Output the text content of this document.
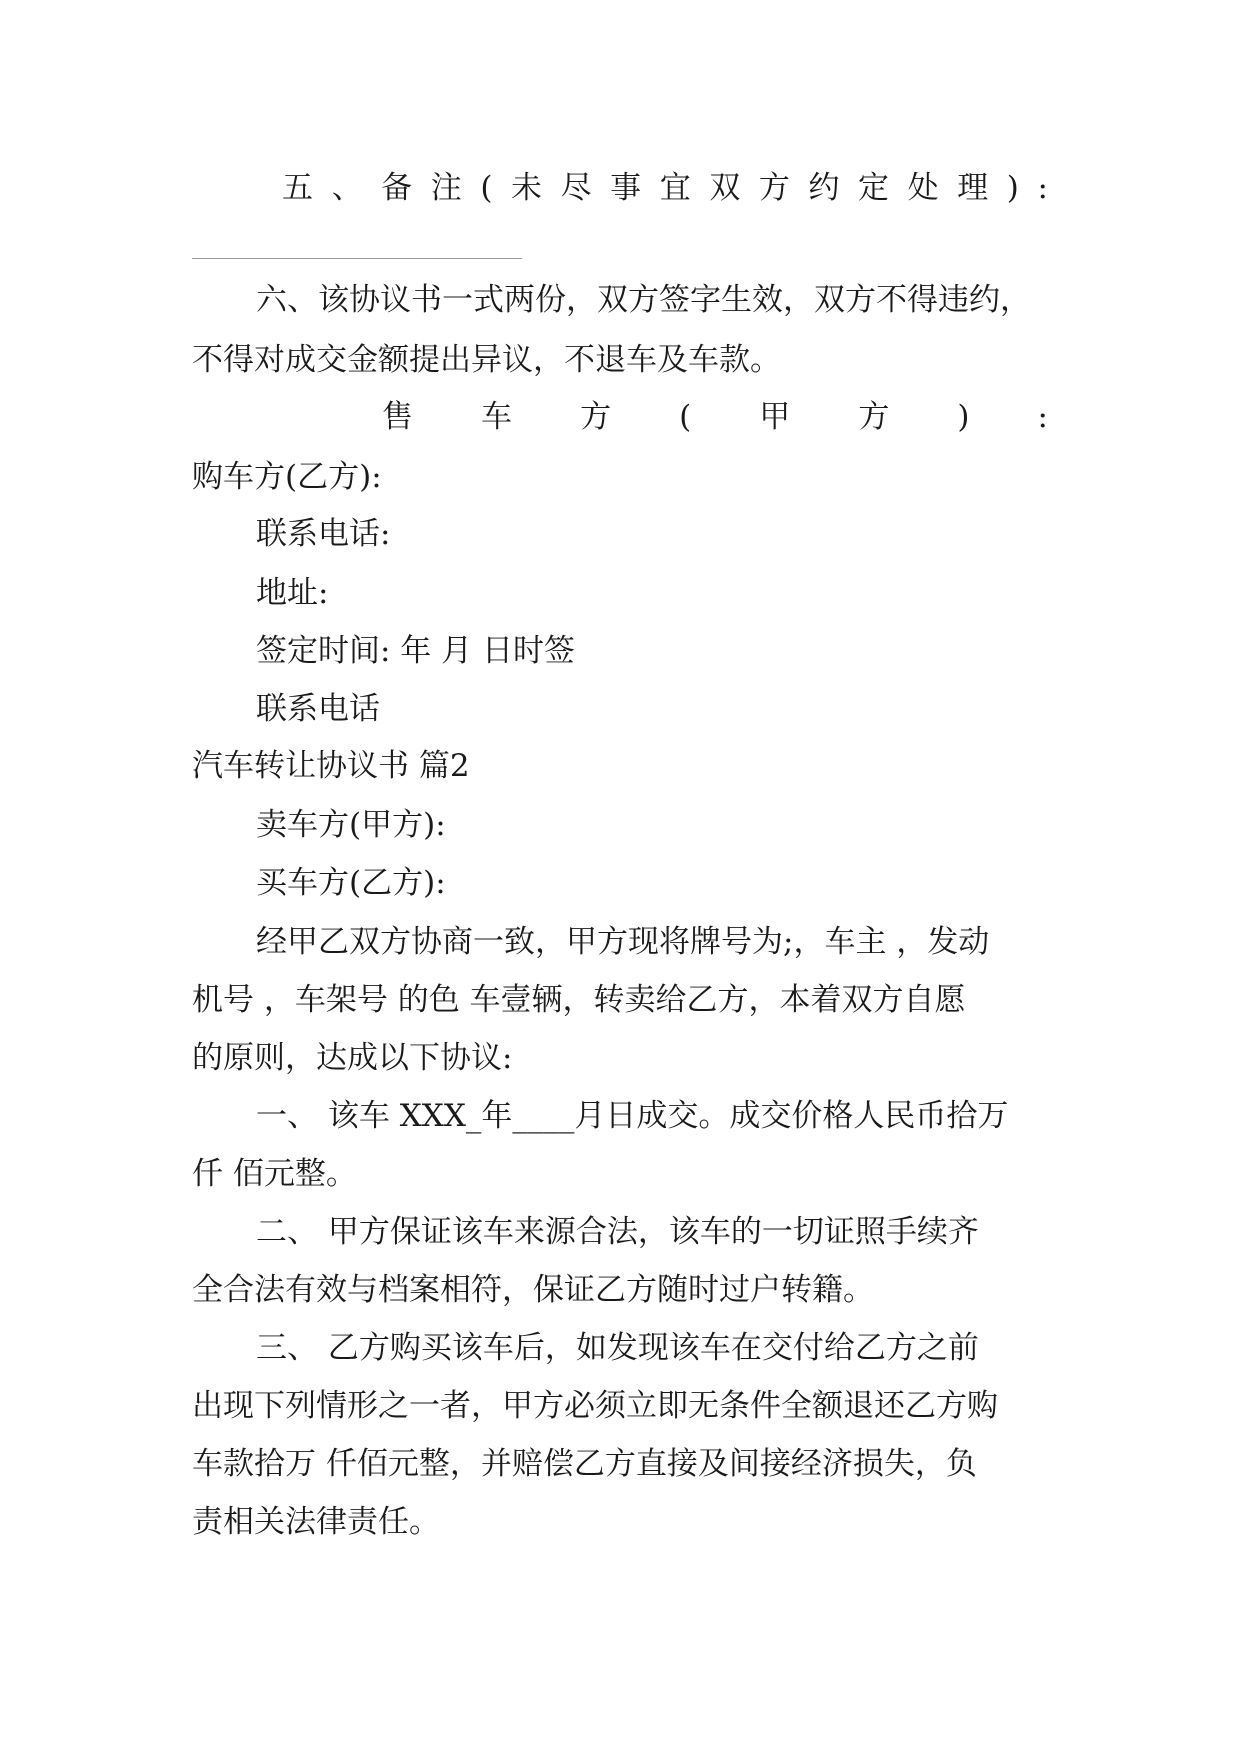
五 、 备 注 ( 未 尽 事 宜 双 方 约 定 处 理 ) :
六、该协议书一式两份，双方签字生效，双方不得违约，
不得对成交金额提出异议，不退车及车款。
售 车 方 ( 甲 方 ) :
购车方(乙方):
联系电话:
地址:
签定时间: 年 月 日时签
联系电话
汽车转让协议书 篇2
卖车方(甲方):
买车方(乙方):
经甲乙双方协商一致，甲方现将牌号为;，车主 ，发动
机号 ，车架号 的色 车壹辆，转卖给乙方，本着双方自愿
的原则，达成以下协议:
一、 该车 XXX_年____月日成交。成交价格人民币拾万
仟 佰元整。
二、 甲方保证该车来源合法，该车的一切证照手续齐
全合法有效与档案相符，保证乙方随时过户转籍。
三、 乙方购买该车后，如发现该车在交付给乙方之前
出现下列情形之一者，甲方必须立即无条件全额退还乙方购
车款拾万 仟佰元整，并赔偿乙方直接及间接经济损失，负
责相关法律责任。
